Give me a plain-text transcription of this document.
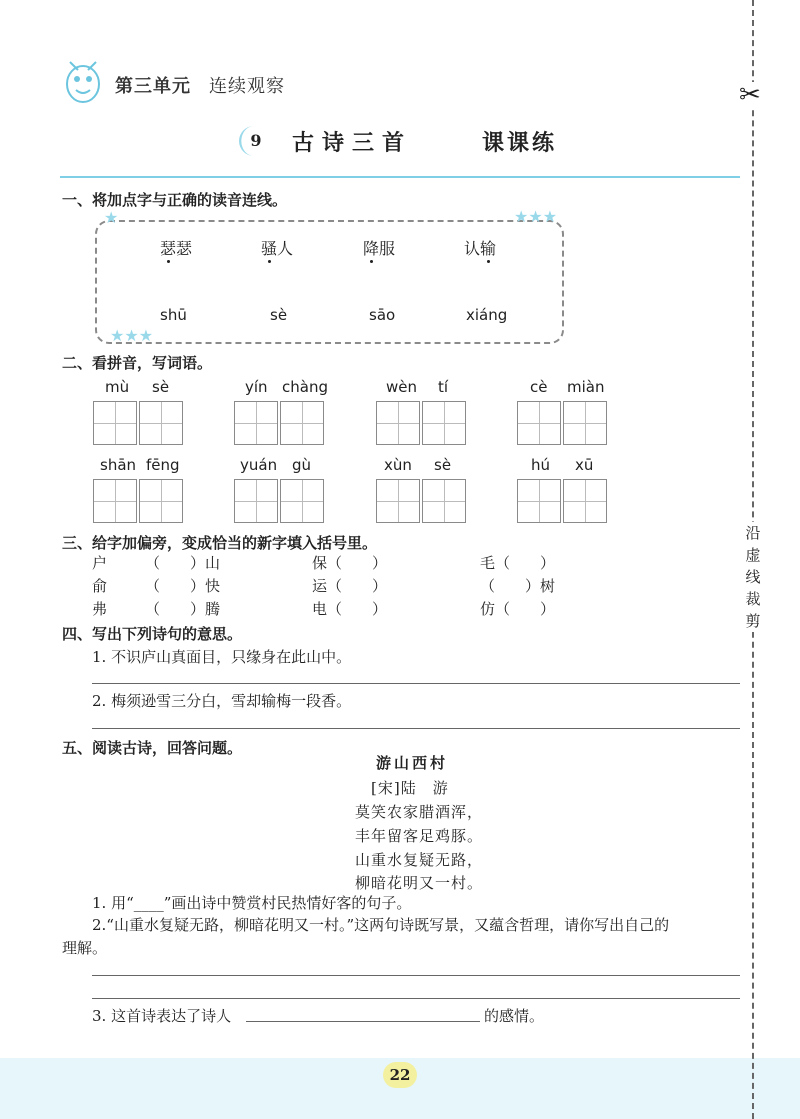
第三单元 连续观察
9	古诗三首	课课练
一、将加点字与正确的读音连线。
★	★★★
★★★
瑟瑟	骚人	降服	认输
shū	sè	sāo	xiáng
二、看拼音，写词语。
mù sè	yín chàng	wèn tí	cè miàn
shān fēng	yuán gù	xùn sè	hú xū
三、给字加偏旁，变成恰当的新字填入括号里。
户	（　　）山	保（　　）	毛（　　）
俞	（　　）快	运（　　）	（　　）树
弗	（　　）腾	电（　　）	仿（　　）
四、写出下列诗句的意思。
1. 不识庐山真面目，只缘身在此山中。
2. 梅须逊雪三分白，雪却输梅一段香。
五、阅读古诗，回答问题。
游山西村
[宋]陆　游
莫笑农家腊酒浑，
丰年留客足鸡豚。
山重水复疑无路，
柳暗花明又一村。
1. 用“____”画出诗中赞赏村民热情好客的句子。
2.“山重水复疑无路，柳暗花明又一村。”这两句诗既写景，又蕴含哲理，请你写出自己的
理解。
3. 这首诗表达了诗人	的感情。
22
✂
沿虚线裁剪
